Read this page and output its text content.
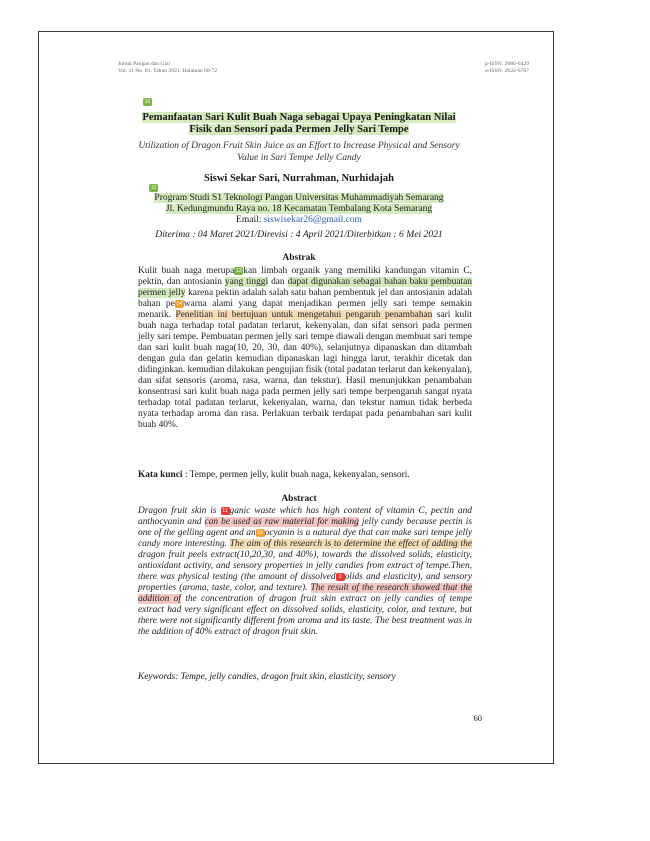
Jurnal Pangan dan Gizi
Vol. 11 No. 01. Tahun 2021. Halaman 60-72
p-ISSN: 2086-6429
e-ISSN: 2622-6707
10
Pemanfaatan Sari Kulit Buah Naga sebagai Upaya Peningkatan Nilai Fisik dan Sensori pada Permen Jelly Sari Tempe
Utilization of Dragon Fruit Skin Juice as an Effort to Increase Physical and Sensory Value in Sari Tempe Jelly Candy
Siswi Sekar Sari, Nurrahman, Nurhidajah
12
Program Studi S1 Teknologi Pangan Universitas Muhammadiyah Semarang
Jl. Kedungmundu Raya no. 18 Kecamatan Tembalang Kota Semarang
Email: siswisekar26@gmail.com
Diterima : 04 Maret 2021/Direvisi : 4 April 2021/Diterbitkan : 6 Mei 2021
Abstrak
Kulit buah naga merupa 13 kan limbah organik yang memiliki kandungan vitamin C, pektin, dan antosianin yang tinggi dan dapat digunakan sebagai bahan baku pembuatan permen jelly karena pektin adalah salah satu bahan pembentuk jel dan antosianin adalah bahan pe 14 warna alami yang dapat menjadikan permen jelly sari tempe semakin menarik. Penelitian ini bertujuan untuk mengetahui pengaruh penambahan sari kulit buah naga terhadap total padatan terlarut, kekenyalan, dan sifat sensori pada permen jelly sari tempe. Pembuatan permen jelly sari tempe diawali dengan membuat sari tempe dan sari kulit buah naga(10, 20, 30, dan 40%), selanjutnya dipanaskan dan ditambah dengan gula dan gelatin kemudian dipanaskan lagi hingga larut, terakhir dicetak dan didinginkan. kemudian dilakukan pengujian fisik (total padatan terlarut dan kekenyalan), dan sifat sensoris (aroma, rasa, warna, dan tekstur). Hasil menunjukkan penambahan konsentrasi sari kulit buah naga pada permen jelly sari tempe berpengaruh sangat nyata terhadap total padatan terlarut, kekenyalan, warna, dan tekstur namun tidak berbeda nyata terhadap aroma dan rasa. Perlakuan terbaik terdapat pada penambahan sari kulit buah 40%.
Kata kunci : Tempe, permen jelly, kulit buah naga, kekenyalan, sensori.
Abstract
Dragon fruit skin is 11 ganic waste which has high content of vitamin C, pectin and anthocyanin and can be used as raw material for making jelly candy because pectin is one of the gelling agent and an 15 ocyanin is a natural dye that can make sari tempe jelly candy more interesting. The aim of this research is to determine the effect of adding the dragon fruit peels extract(10,20,30, and 40%), towards the dissolved solids, elasticity, antioxidant activity, and sensory properties in jelly candies from extract of tempe.Then, there was physical testing (the amount of dissolved 2 olids and elasticity), and sensory properties (aroma, taste, color, and texture). The result of the research showed that the addition of the concentration of dragon fruit skin extract on jelly candies of tempe extract had very significant effect on dissolved solids, elasticity, color, and texture, but there were not significantly different from aroma and its taste. The best treatment was in the addition of 40% extract of dragon fruit skin.
Keywords: Tempe, jelly candies, dragon fruit skin, elasticity, sensory
60
